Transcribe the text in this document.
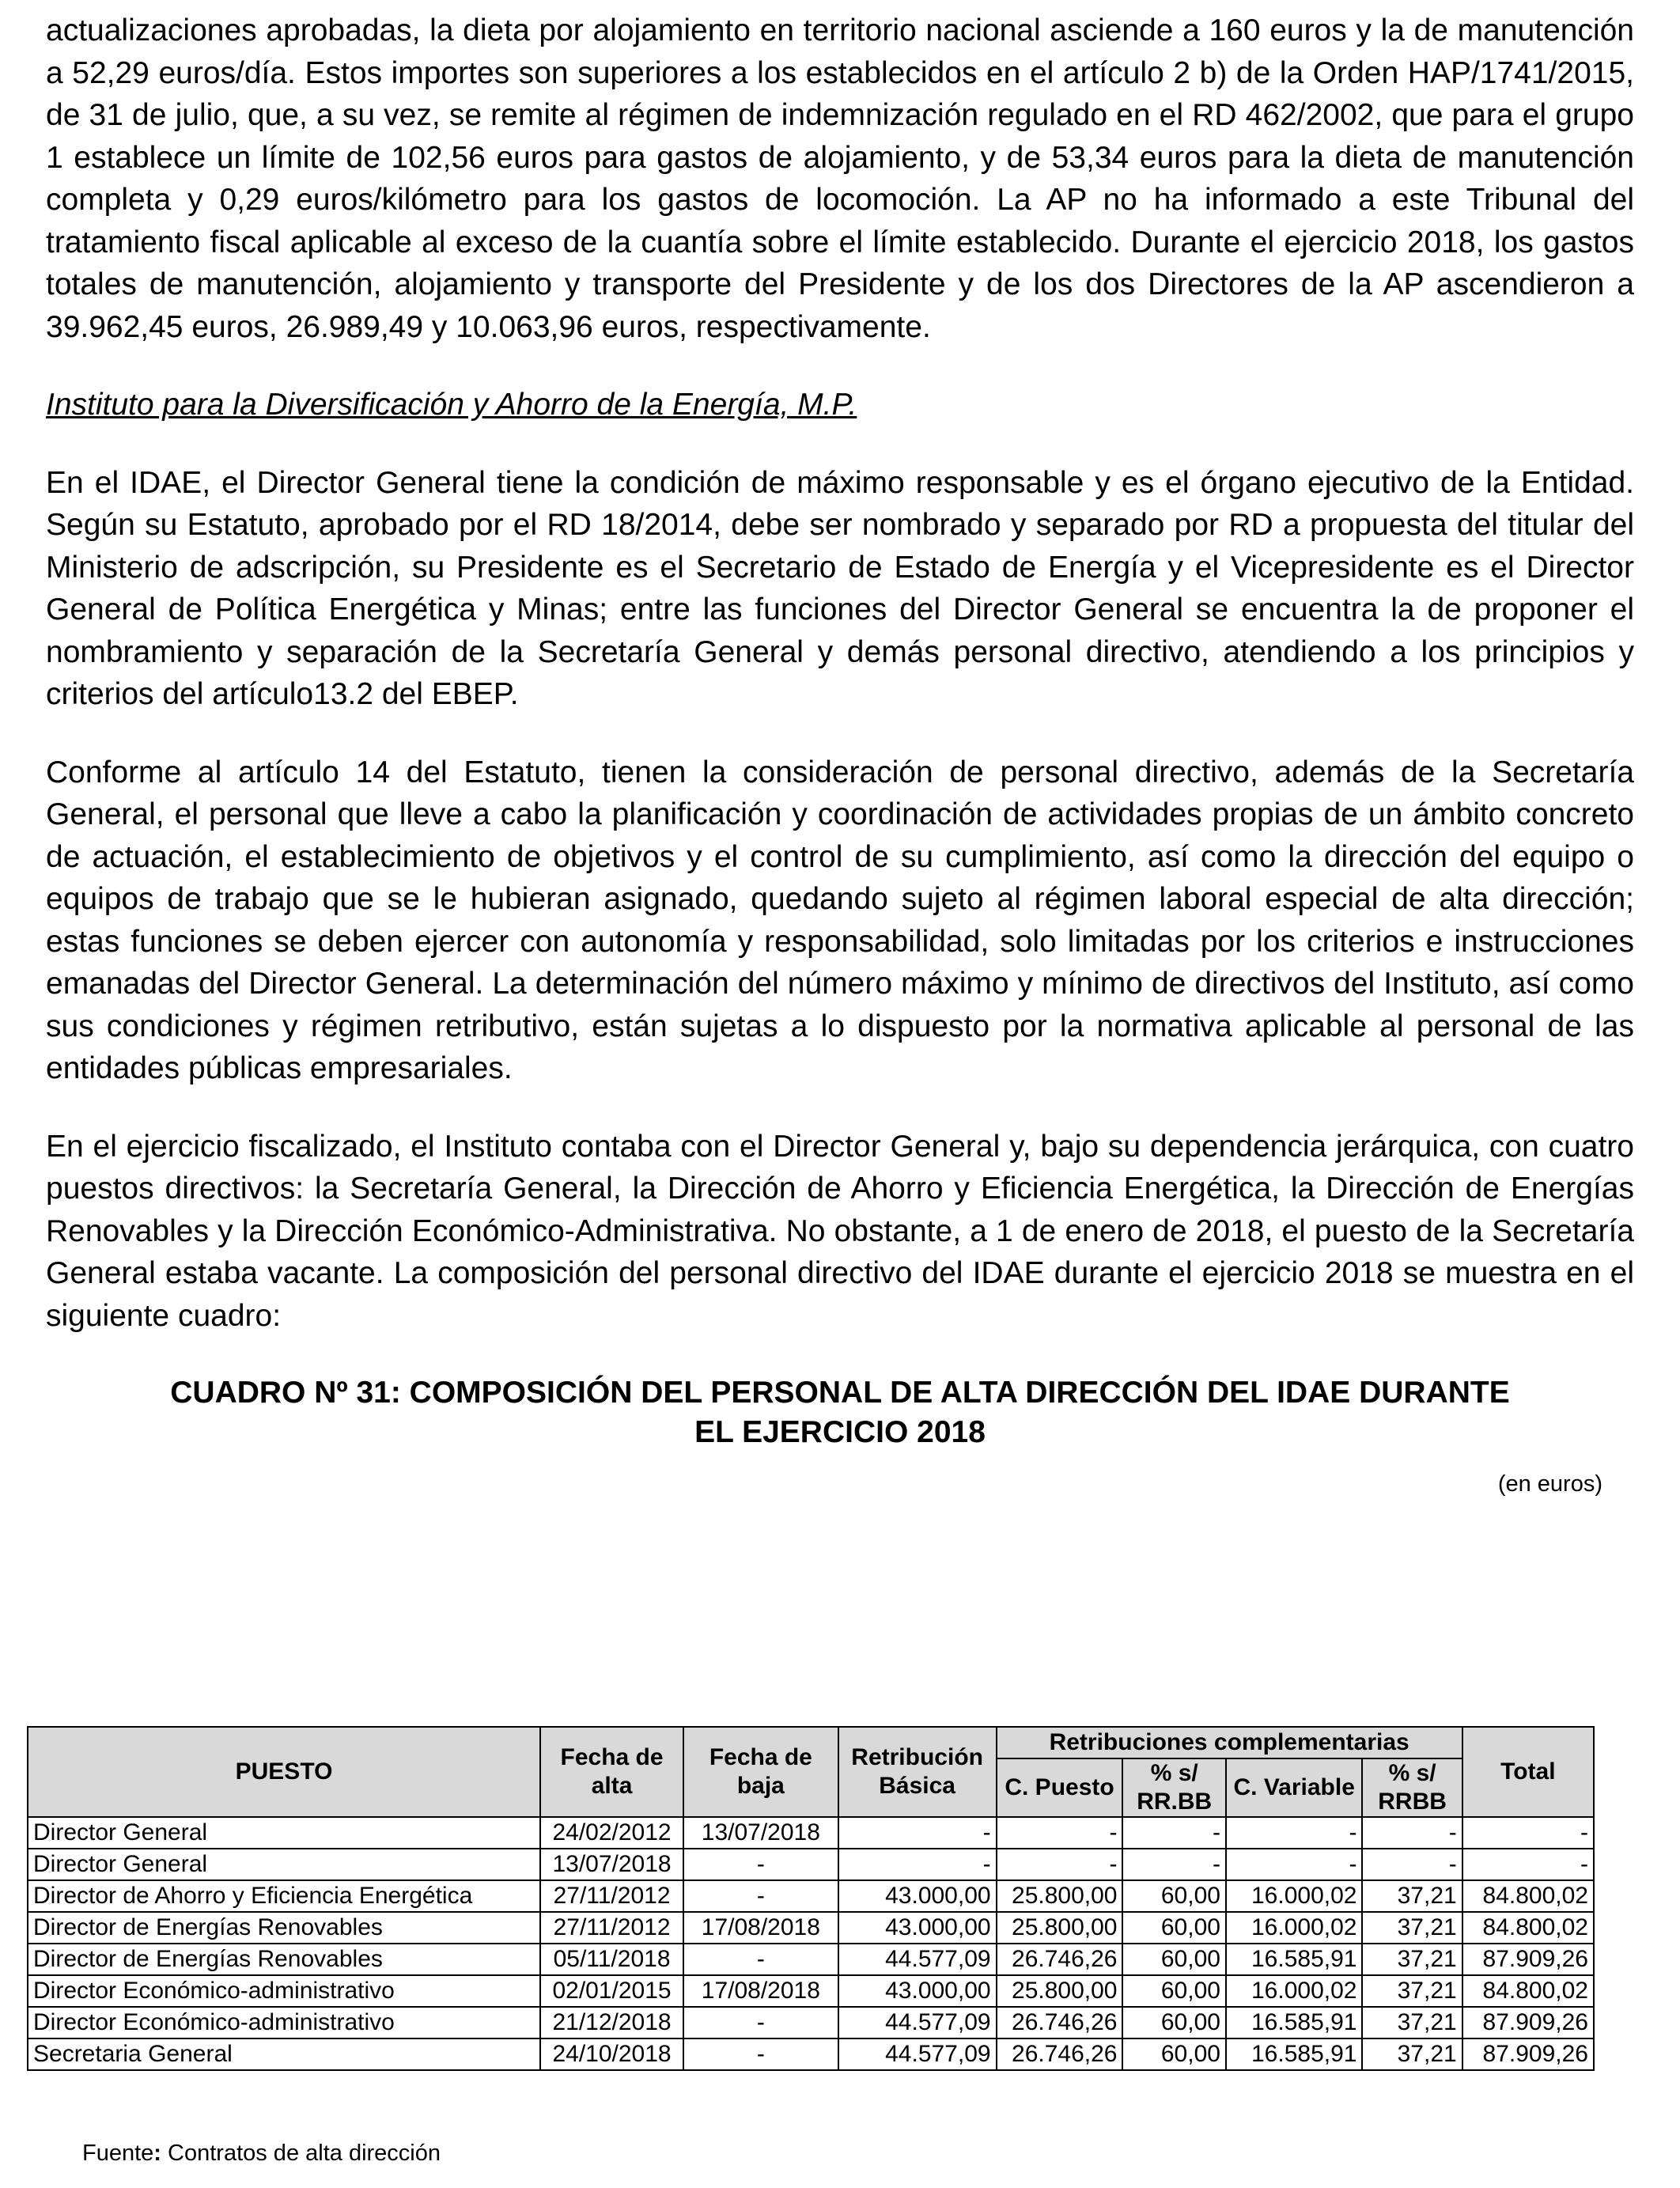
actualizaciones aprobadas, la dieta por alojamiento en territorio nacional asciende a 160 euros y la de manutención a 52,29 euros/día. Estos importes son superiores a los establecidos en el artículo 2 b) de la Orden HAP/1741/2015, de 31 de julio, que, a su vez, se remite al régimen de indemnización regulado en el RD 462/2002, que para el grupo 1 establece un límite de 102,56 euros para gastos de alojamiento, y de 53,34 euros para la dieta de manutención completa y 0,29 euros/kilómetro para los gastos de locomoción. La AP no ha informado a este Tribunal del tratamiento fiscal aplicable al exceso de la cuantía sobre el límite establecido. Durante el ejercicio 2018, los gastos totales de manutención, alojamiento y transporte del Presidente y de los dos Directores de la AP ascendieron a 39.962,45 euros, 26.989,49 y 10.063,96 euros, respectivamente.

Instituto para la Diversificación y Ahorro de la Energía, M.P.

En el IDAE, el Director General tiene la condición de máximo responsable y es el órgano ejecutivo de la Entidad. Según su Estatuto, aprobado por el RD 18/2014, debe ser nombrado y separado por RD a propuesta del titular del Ministerio de adscripción, su Presidente es el Secretario de Estado de Energía y el Vicepresidente es el Director General de Política Energética y Minas; entre las funciones del Director General se encuentra la de proponer el nombramiento y separación de la Secretaría General y demás personal directivo, atendiendo a los principios y criterios del artículo13.2 del EBEP.

Conforme al artículo 14 del Estatuto, tienen la consideración de personal directivo, además de la Secretaría General, el personal que lleve a cabo la planificación y coordinación de actividades propias de un ámbito concreto de actuación, el establecimiento de objetivos y el control de su cumplimiento, así como la dirección del equipo o equipos de trabajo que se le hubieran asignado, quedando sujeto al régimen laboral especial de alta dirección; estas funciones se deben ejercer con autonomía y responsabilidad, solo limitadas por los criterios e instrucciones emanadas del Director General. La determinación del número máximo y mínimo de directivos del Instituto, así como sus condiciones y régimen retributivo, están sujetas a lo dispuesto por la normativa aplicable al personal de las entidades públicas empresariales.

En el ejercicio fiscalizado, el Instituto contaba con el Director General y, bajo su dependencia jerárquica, con cuatro puestos directivos: la Secretaría General, la Dirección de Ahorro y Eficiencia Energética, la Dirección de Energías Renovables y la Dirección Económico-Administrativa. No obstante, a 1 de enero de 2018, el puesto de la Secretaría General estaba vacante. La composición del personal directivo del IDAE durante el ejercicio 2018 se muestra en el siguiente cuadro:

CUADRO Nº 31: COMPOSICIÓN DEL PERSONAL DE ALTA DIRECCIÓN DEL IDAE DURANTE

EL EJERCICIO 2018

(en euros)

PUESTO	Fecha de alta	Fecha de baja	Retribución Básica	Retribuciones complementarias				Total
				C. Puesto	% s/ RR.BB	C. Variable	% s/ RRBB	
Director General	24/02/2012	13/07/2018	-	-	-	-	-	-
Director General	13/07/2018	-	-	-	-	-	-	-
Director de Ahorro y Eficiencia Energética	27/11/2012	-	43.000,00	25.800,00	60,00	16.000,02	37,21	84.800,02
Director de Energías Renovables	27/11/2012	17/08/2018	43.000,00	25.800,00	60,00	16.000,02	37,21	84.800,02
Director de Energías Renovables	05/11/2018	-	44.577,09	26.746,26	60,00	16.585,91	37,21	87.909,26
Director Económico-administrativo	02/01/2015	17/08/2018	43.000,00	25.800,00	60,00	16.000,02	37,21	84.800,02
Director Económico-administrativo	21/12/2018	-	44.577,09	26.746,26	60,00	16.585,91	37,21	87.909,26
Secretaria General	24/10/2018	-	44.577,09	26.746,26	60,00	16.585,91	37,21	87.909,26
Fuente: Contratos de alta dirección
